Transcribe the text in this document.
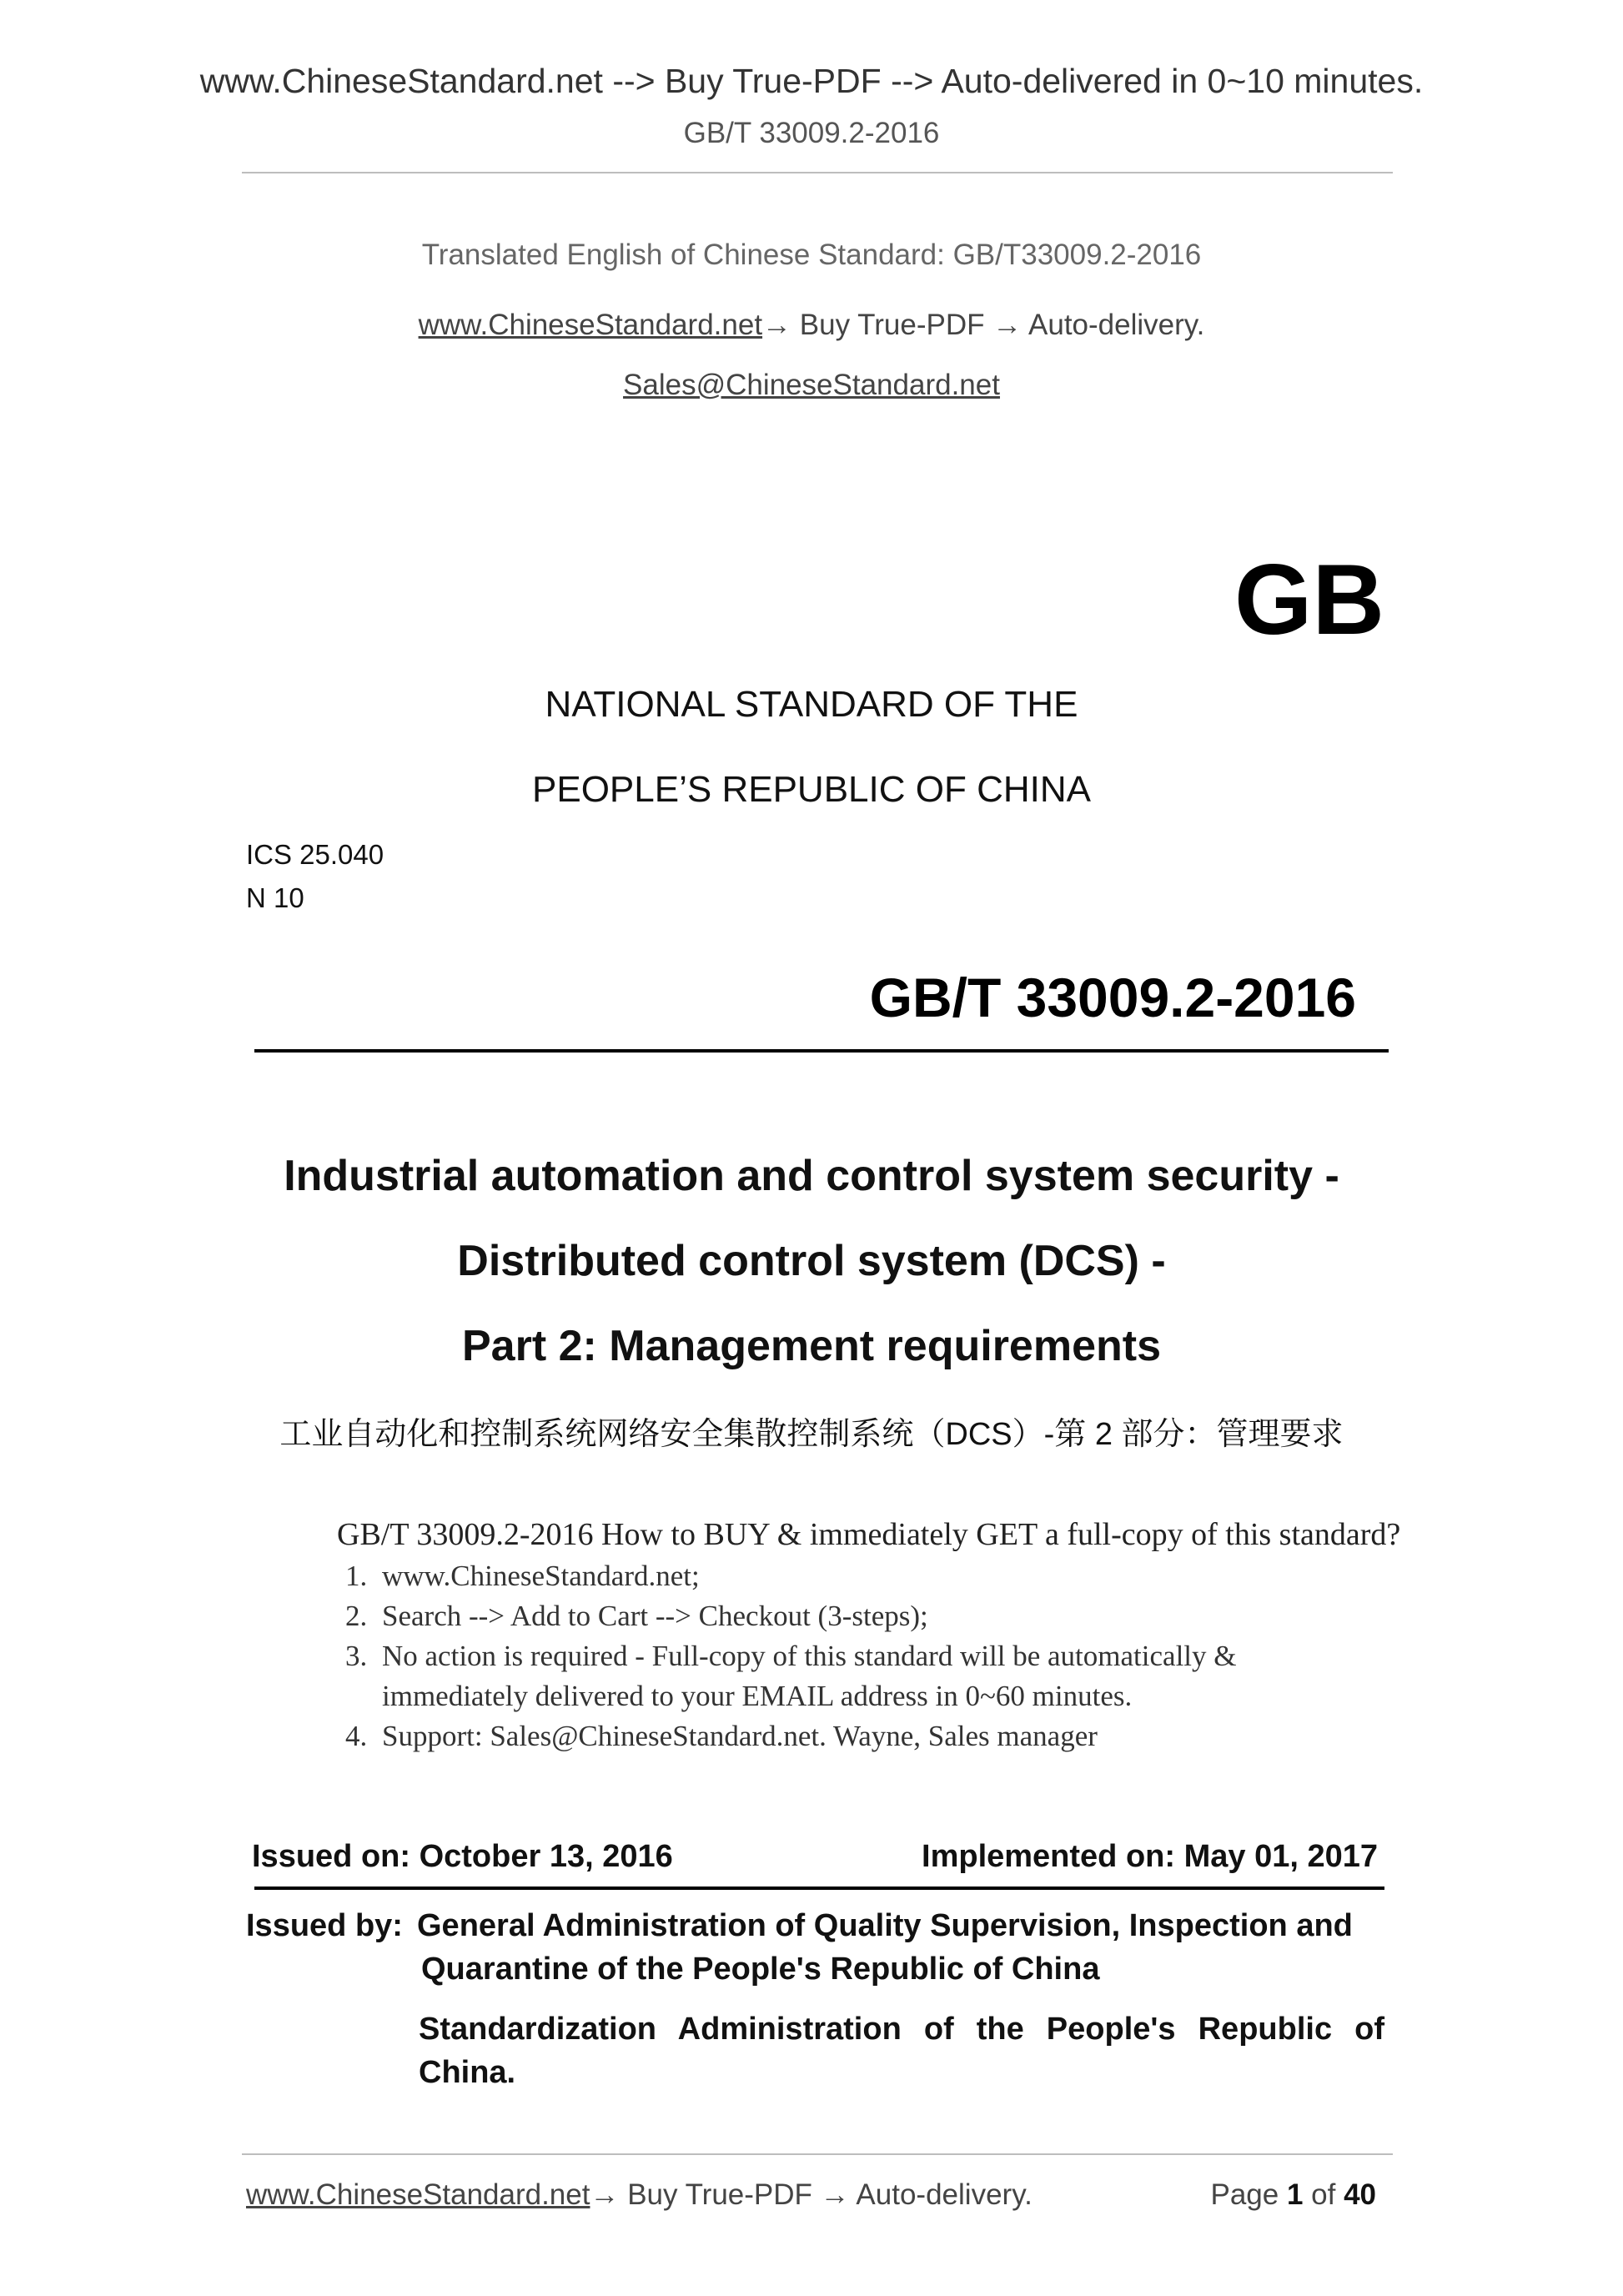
www.ChineseStandard.net --> Buy True-PDF --> Auto-delivered in 0~10 minutes.
GB/T 33009.2-2016
Translated English of Chinese Standard: GB/T33009.2-2016
www.ChineseStandard.net→ Buy True-PDF → Auto-delivery.
Sales@ChineseStandard.net
GB
NATIONAL STANDARD OF THE
PEOPLE’S REPUBLIC OF CHINA
ICS 25.040
N 10
GB/T 33009.2-2016
Industrial automation and control system security -
Distributed control system (DCS) -
Part 2: Management requirements
工业自动化和控制系统网络安全集散控制系统（DCS）-第 2 部分：管理要求
GB/T 33009.2-2016 How to BUY & immediately GET a full-copy of this standard?
1. www.ChineseStandard.net;
2. Search --> Add to Cart --> Checkout (3-steps);
3. No action is required - Full-copy of this standard will be automatically &
immediately delivered to your EMAIL address in 0~60 minutes.
4. Support: Sales@ChineseStandard.net. Wayne, Sales manager
Issued on: October 13, 2016	Implemented on: May 01, 2017
Issued by: General Administration of Quality Supervision, Inspection and
Quarantine of the People's Republic of China
Standardization Administration of the People's Republic of
China.
www.ChineseStandard.net→ Buy True-PDF → Auto-delivery.	Page 1 of 40
